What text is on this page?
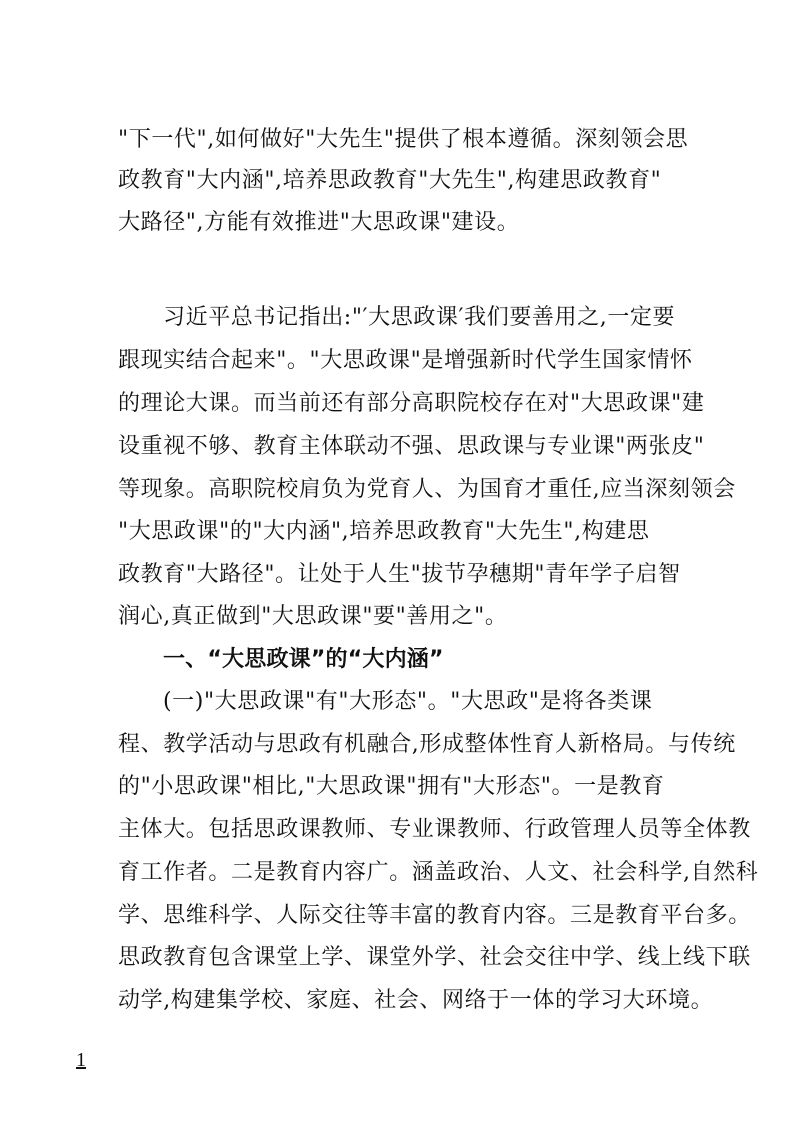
"下一代",如何做好"大先生"提供了根本遵循。深刻领会思
政教育"大内涵",培养思政教育"大先生",构建思政教育"
大路径",方能有效推进"大思政课"建设。
习近平总书记指出:"′大思政课′我们要善用之,一定要
跟现实结合起来"。"大思政课"是增强新时代学生国家情怀
的理论大课。而当前还有部分高职院校存在对"大思政课"建
设重视不够、教育主体联动不强、思政课与专业课"两张皮"
等现象。高职院校肩负为党育人、为国育才重任,应当深刻领会
"大思政课"的"大内涵",培养思政教育"大先生",构建思
政教育"大路径"。让处于人生"拔节孕穗期"青年学子启智
润心,真正做到"大思政课"要"善用之"。
一、“大思政课”的“大内涵”
(一)"大思政课"有"大形态"。"大思政"是将各类课
程、教学活动与思政有机融合,形成整体性育人新格局。与传统
的"小思政课"相比,"大思政课"拥有"大形态"。一是教育
主体大。包括思政课教师、专业课教师、行政管理人员等全体教
育工作者。二是教育内容广。涵盖政治、人文、社会科学,自然科
学、思维科学、人际交往等丰富的教育内容。三是教育平台多。
思政教育包含课堂上学、课堂外学、社会交往中学、线上线下联
动学,构建集学校、家庭、社会、网络于一体的学习大环境。
1
